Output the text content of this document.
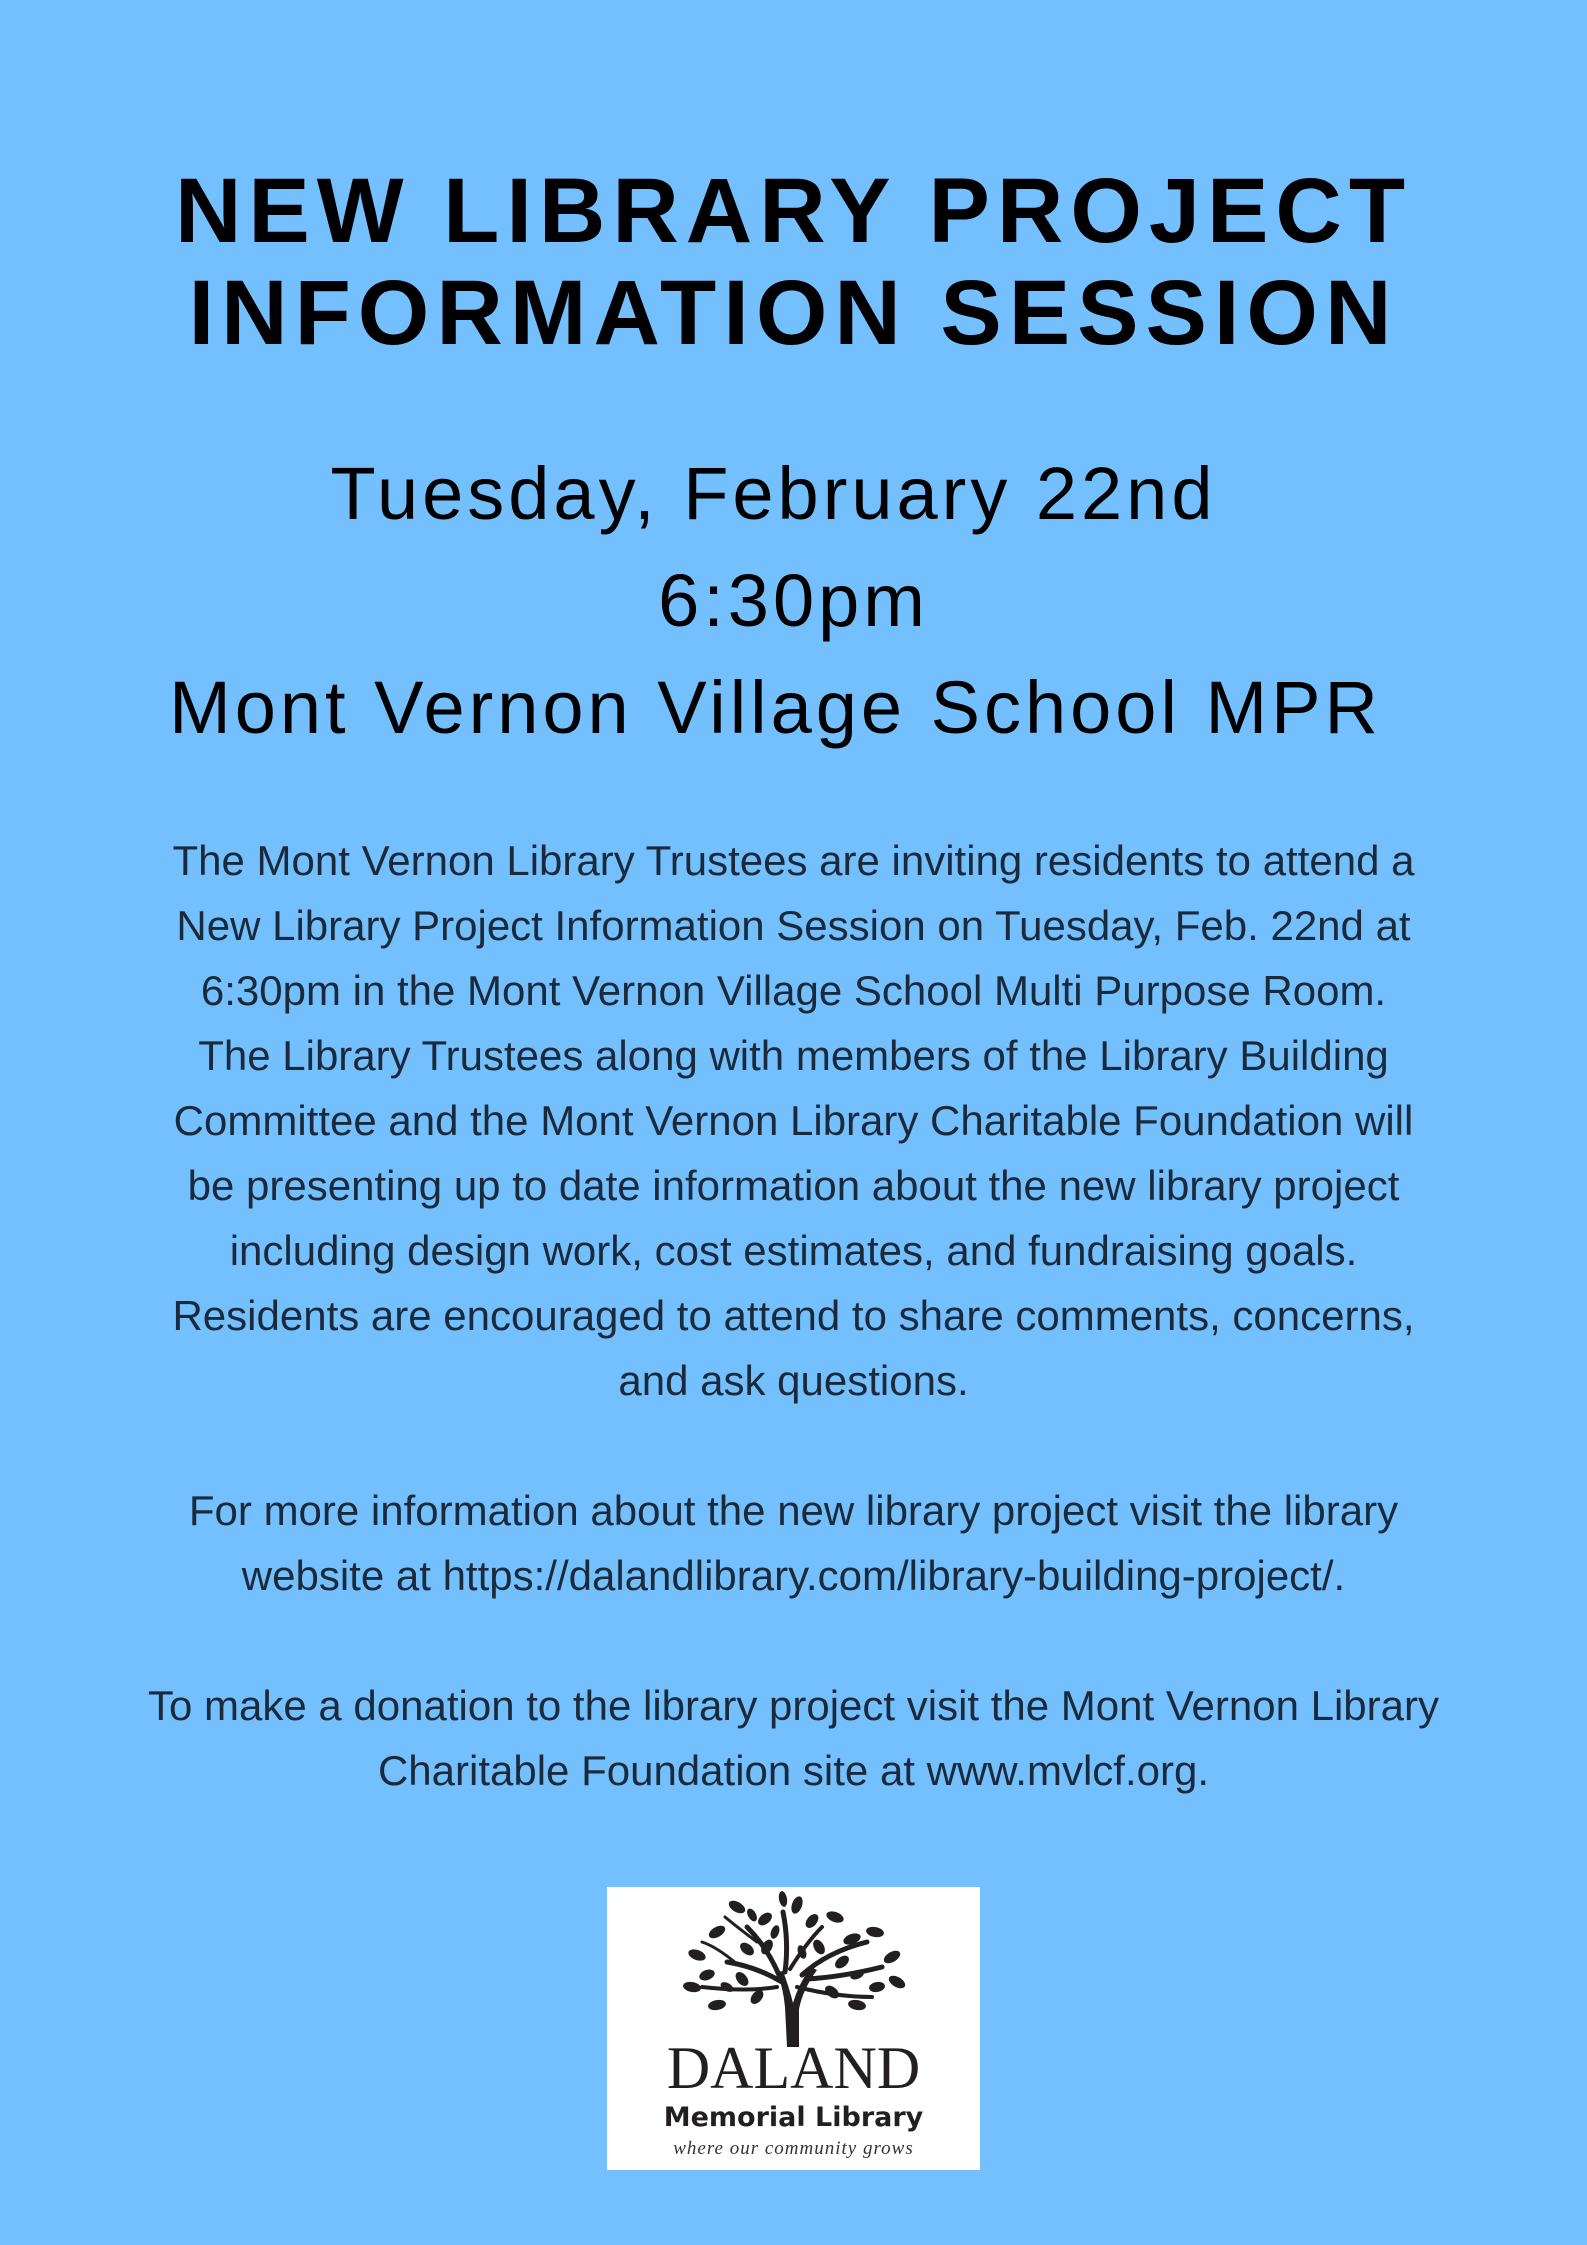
NEW LIBRARY PROJECT
INFORMATION SESSION
Tuesday, February 22nd
6:30pm
Mont Vernon Village School MPR
The Mont Vernon Library Trustees are inviting residents to attend a
New Library Project Information Session on Tuesday, Feb. 22nd at
6:30pm in the Mont Vernon Village School Multi Purpose Room.
The Library Trustees along with members of the Library Building
Committee and the Mont Vernon Library Charitable Foundation will
be presenting up to date information about the new library project
including design work, cost estimates, and fundraising goals.
Residents are encouraged to attend to share comments, concerns,
and ask questions.
For more information about the new library project visit the library
website at https://dalandlibrary.com/library-building-project/.
To make a donation to the library project visit the Mont Vernon Library
Charitable Foundation site at www.mvlcf.org.
DALAND
Memorial Library
where our community grows
